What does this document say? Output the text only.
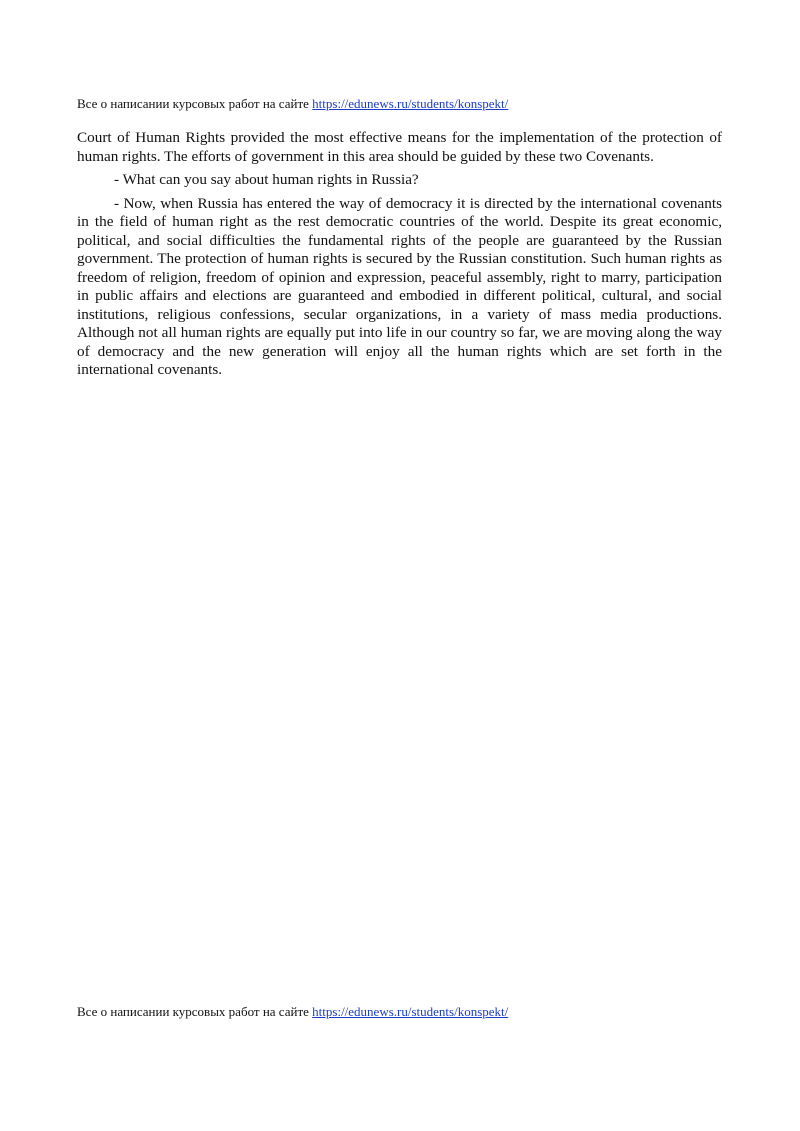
Все о написании курсовых работ на сайте https://edunews.ru/students/konspekt/

Court of Human Rights provided the most effective means for the implementation of the protection of human rights. The efforts of government in this area should be guided by these two Covenants.

- What can you say about human rights in Russia?

- Now, when Russia has entered the way of democracy it is directed by the international covenants in the field of human right as the rest democratic countries of the world. Despite its great economic, political, and social difficulties the fundamental rights of the people are guaranteed by the Russian government. The protection of human rights is secured by the Russian constitution. Such human rights as freedom of religion, freedom of opinion and expression, peaceful assembly, right to marry, participation in public affairs and elections are guaranteed and embodied in different political, cultural, and social institutions, religious confessions, secular organizations, in a variety of mass media productions. Although not all human rights are equally put into life in our country so far, we are moving along the way of democracy and the new generation will enjoy all the human rights which are set forth in the international covenants.

Все о написании курсовых работ на сайте https://edunews.ru/students/konspekt/
